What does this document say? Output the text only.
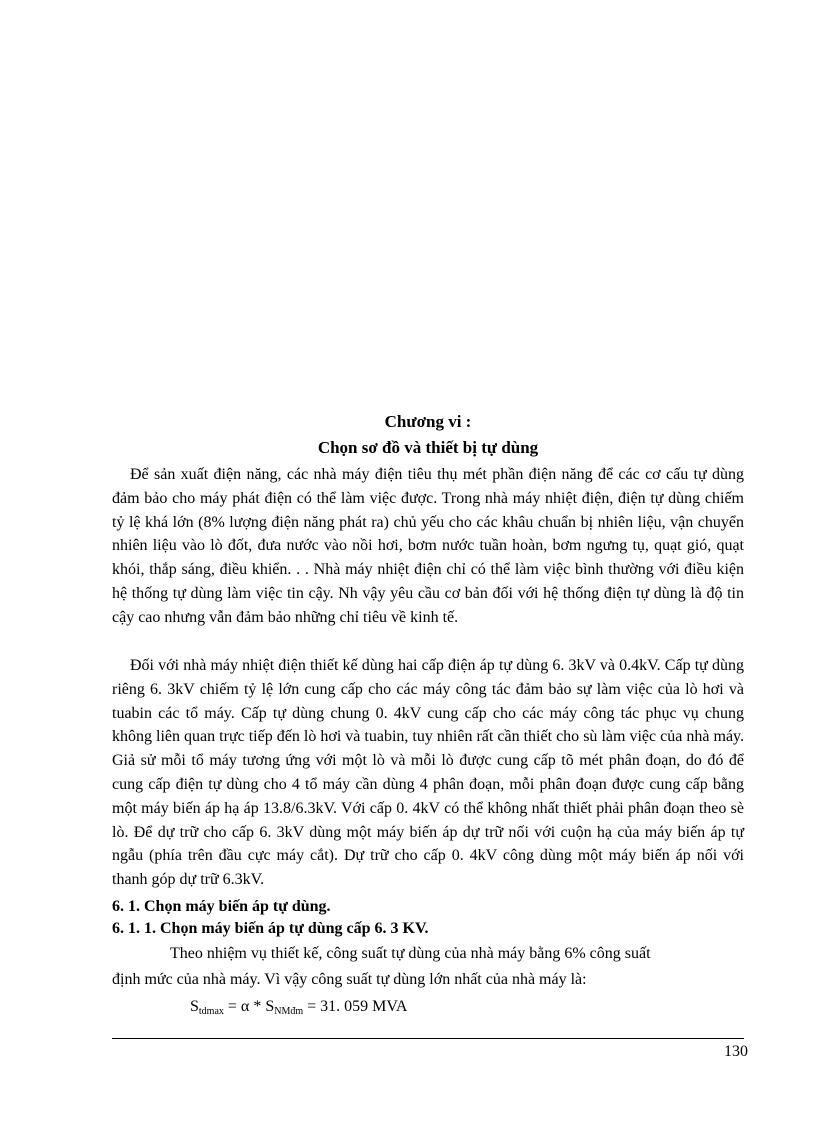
Chương vi :
Chọn sơ đồ và thiết bị tự dùng

Để sản xuất điện năng, các nhà máy điện tiêu thụ mét phần điện năng để các cơ cấu tự dùng đảm bảo cho máy phát điện có thể làm việc được. Trong nhà máy nhiệt điện, điện tự dùng chiếm tỷ lệ khá lớn (8% lượng điện năng phát ra) chủ yếu cho các khâu chuẩn bị nhiên liệu, vận chuyển nhiên liệu vào lò đốt, đưa nước vào nồi hơi, bơm nước tuần hoàn, bơm ngưng tụ, quạt gió, quạt khói, thắp sáng, điều khiển. . . Nhà máy nhiệt điện chỉ có thể làm việc bình thường với điều kiện hệ thống tự dùng làm việc tin cậy. Nh vậy yêu cầu cơ bản đối với hệ thống điện tự dùng là độ tin cậy cao nhưng vẫn đảm bảo những chỉ tiêu về kinh tế.

Đối với nhà máy nhiệt điện thiết kế dùng hai cấp điện áp tự dùng 6. 3kV và 0.4kV. Cấp tự dùng riêng 6. 3kV chiếm tỷ lệ lớn cung cấp cho các máy công tác đảm bảo sự làm việc của lò hơi và tuabin các tổ máy. Cấp tự dùng chung 0. 4kV cung cấp cho các máy công tác phục vụ chung không liên quan trực tiếp đến lò hơi và tuabin, tuy nhiên rất cần thiết cho sù làm việc của nhà máy. Giả sử mỗi tổ máy tương ứng với một lò và mỗi lò được cung cấp tõ mét phân đoạn, do đó để cung cấp điện tự dùng cho 4 tổ máy cần dùng 4 phân đoạn, mỗi phân đoạn được cung cấp bằng một máy biến áp hạ áp 13.8/6.3kV. Với cấp 0. 4kV có thể không nhất thiết phải phân đoạn theo sè lò. Để dự trữ cho cấp 6. 3kV dùng một máy biến áp dự trữ nối với cuộn hạ của máy biến áp tự ngẫu (phía trên đầu cực máy cắt). Dự trữ cho cấp 0. 4kV công dùng một máy biến áp nối với thanh góp dự trữ 6.3kV.

6. 1. Chọn máy biến áp tự dùng.
6. 1. 1. Chọn máy biến áp tự dùng cấp 6. 3 KV.

Theo nhiệm vụ thiết kế, công suất tự dùng của nhà máy bằng 6% công suất
định mức của nhà máy. Vì vậy công suất tự dùng lớn nhất của nhà máy là:

$S_{tdmax} = \alpha * S_{NMđm} = 31$. 059 MVA
130
